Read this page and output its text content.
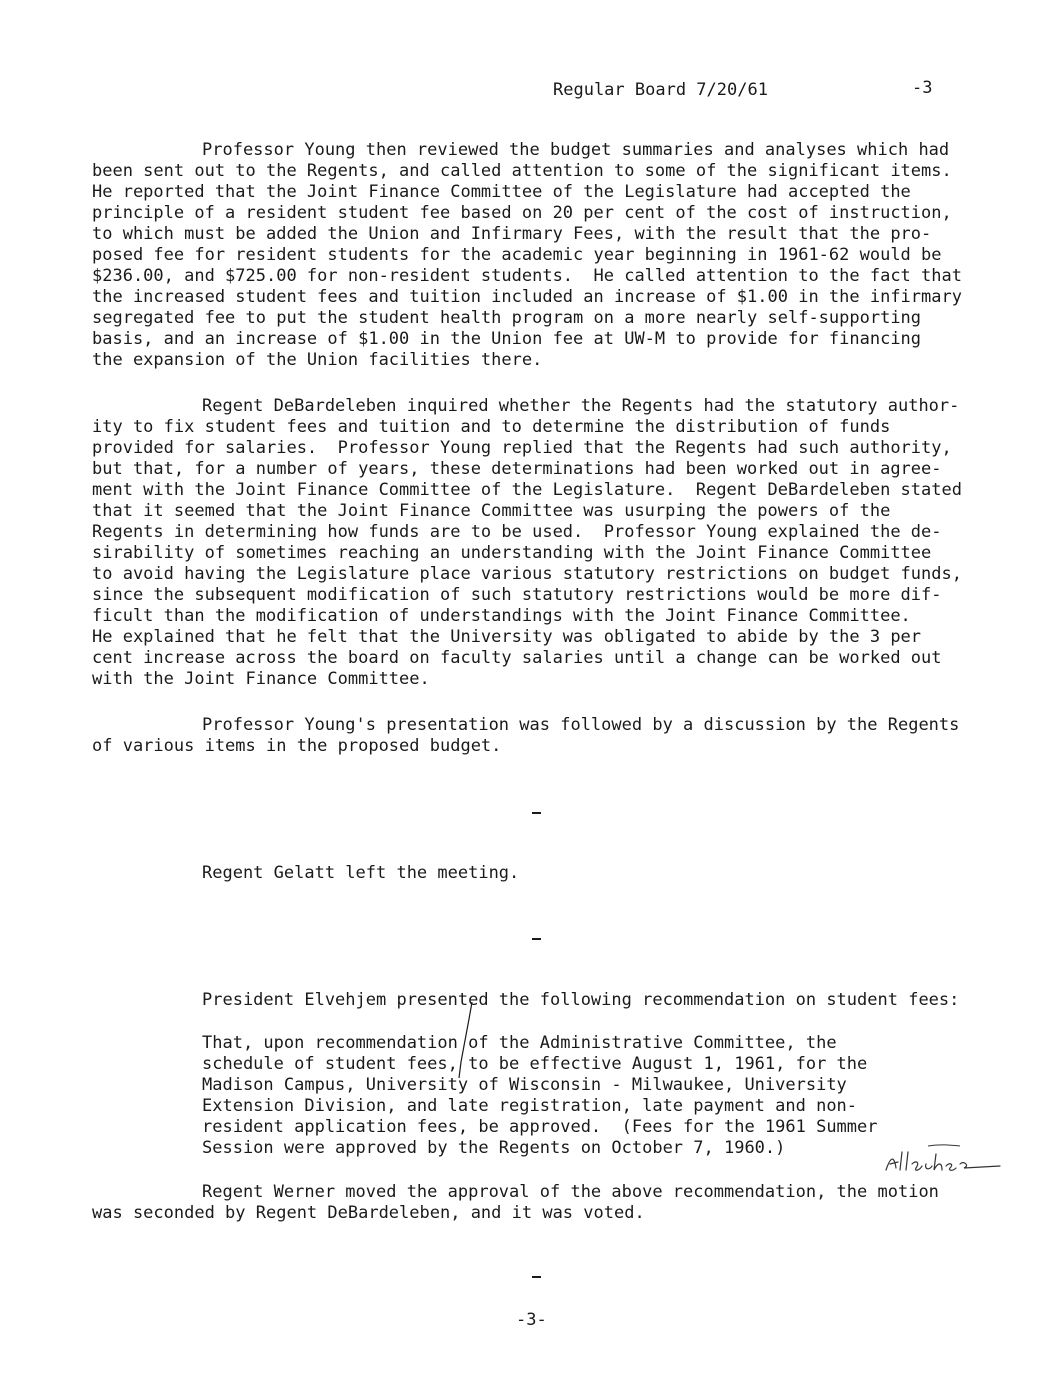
Regular Board 7/20/61	-3
Professor Young then reviewed the budget summaries and analyses which had
been sent out to the Regents, and called attention to some of the significant items.
He reported that the Joint Finance Committee of the Legislature had accepted the
principle of a resident student fee based on 20 per cent of the cost of instruction,
to which must be added the Union and Infirmary Fees, with the result that the pro-
posed fee for resident students for the academic year beginning in 1961-62 would be
$236.00, and $725.00 for non-resident students.  He called attention to the fact that
the increased student fees and tuition included an increase of $1.00 in the infirmary
segregated fee to put the student health program on a more nearly self-supporting
basis, and an increase of $1.00 in the Union fee at UW-M to provide for financing
the expansion of the Union facilities there.
Regent DeBardeleben inquired whether the Regents had the statutory author-
ity to fix student fees and tuition and to determine the distribution of funds
provided for salaries.  Professor Young replied that the Regents had such authority,
but that, for a number of years, these determinations had been worked out in agree-
ment with the Joint Finance Committee of the Legislature.  Regent DeBardeleben stated
that it seemed that the Joint Finance Committee was usurping the powers of the
Regents in determining how funds are to be used.  Professor Young explained the de-
sirability of sometimes reaching an understanding with the Joint Finance Committee
to avoid having the Legislature place various statutory restrictions on budget funds,
since the subsequent modification of such statutory restrictions would be more dif-
ficult than the modification of understandings with the Joint Finance Committee.
He explained that he felt that the University was obligated to abide by the 3 per
cent increase across the board on faculty salaries until a change can be worked out
with the Joint Finance Committee.
Professor Young's presentation was followed by a discussion by the Regents
of various items in the proposed budget.
Regent Gelatt left the meeting.
President Elvehjem presented the following recommendation on student fees:
That, upon recommendation of the Administrative Committee, the
schedule of student fees, to be effective August 1, 1961, for the
Madison Campus, University of Wisconsin - Milwaukee, University
Extension Division, and late registration, late payment and non-
resident application fees, be approved.  (Fees for the 1961 Summer
Session were approved by the Regents on October 7, 1960.)
Regent Werner moved the approval of the above recommendation, the motion
was seconded by Regent DeBardeleben, and it was voted.
-3-
